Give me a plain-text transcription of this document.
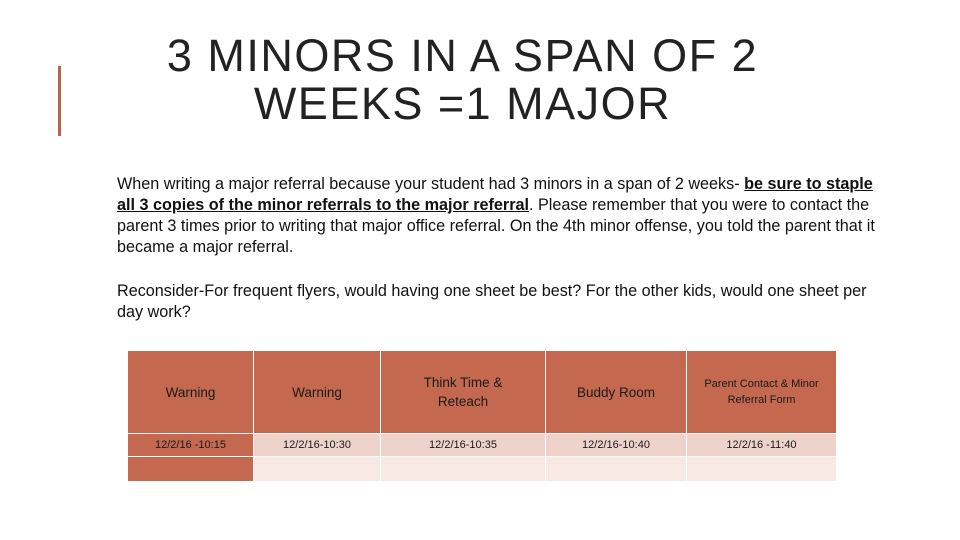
3 MINORS IN A SPAN OF 2
WEEKS =1 MAJOR
When writing a major referral because your student had 3 minors in a span of 2 weeks- be sure to staple all 3 copies of the minor referrals to the major referral. Please remember that you were to contact the parent 3 times prior to writing that major office referral. On the 4th minor offense, you told the parent that it became a major referral.
Reconsider-For frequent flyers, would having one sheet be best? For the other kids, would one sheet per day work?
Warning	Warning	Think Time & Reteach	Buddy Room	Parent Contact & Minor Referral Form

12/2/16 -10:15	12/2/16-10:30	12/2/16-10:35	12/2/16-10:40	12/2/16 -11:40
